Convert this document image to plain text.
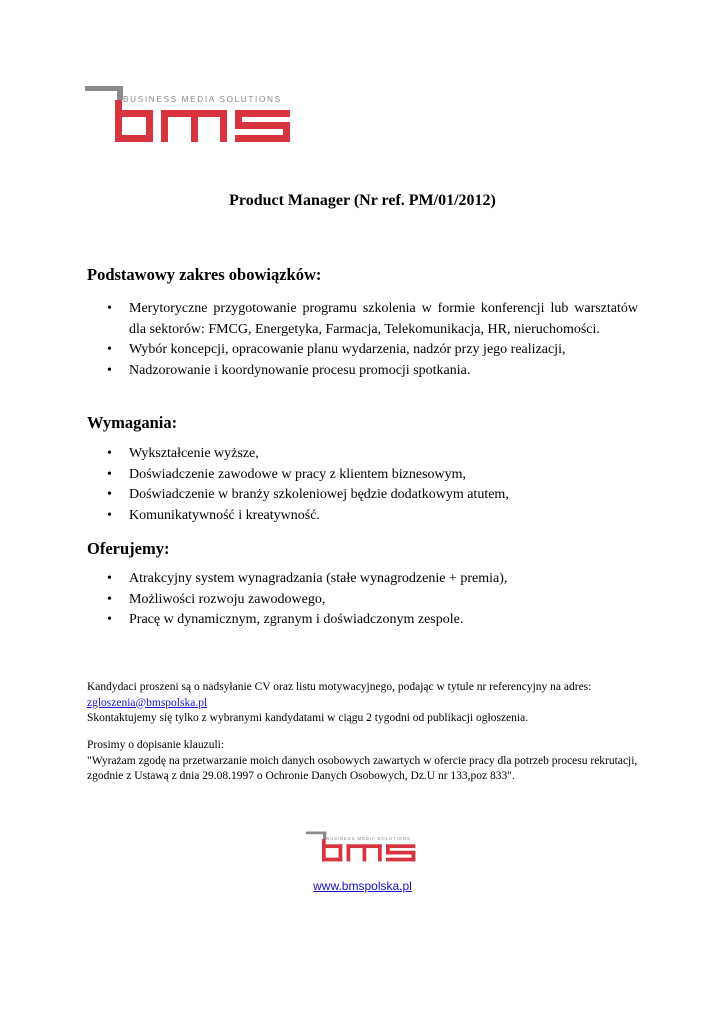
BUSINESS MEDIA SOLUTIONS
Product Manager (Nr ref. PM/01/2012)
Podstawowy zakres obowiązków:
• Merytoryczne przygotowanie programu szkolenia w formie konferencji lub warsztatów dla sektorów: FMCG, Energetyka, Farmacja, Telekomunikacja, HR, nieruchomości.
• Wybór koncepcji, opracowanie planu wydarzenia, nadzór przy jego realizacji,
• Nadzorowanie i koordynowanie procesu promocji spotkania.
Wymagania:
• Wykształcenie wyższe,
• Doświadczenie zawodowe w pracy z klientem biznesowym,
• Doświadczenie w branży szkoleniowej będzie dodatkowym atutem,
• Komunikatywność i kreatywność.
Oferujemy:
• Atrakcyjny system wynagradzania (stałe wynagrodzenie + premia),
• Możliwości rozwoju zawodowego,
• Pracę w dynamicznym, zgranym i doświadczonym zespole.
Kandydaci proszeni są o nadsyłanie CV oraz listu motywacyjnego, podając w tytule nr referencyjny na adres:
zgloszenia@bmspolska.pl
Skontaktujemy się tylko z wybranymi kandydatami w ciągu 2 tygodni od publikacji ogłoszenia.
Prosimy o dopisanie klauzuli:
"Wyrażam zgodę na przetwarzanie moich danych osobowych zawartych w ofercie pracy dla potrzeb procesu rekrutacji, zgodnie z Ustawą z dnia 29.08.1997 o Ochronie Danych Osobowych, Dz.U nr 133,poz 833".
BUSINESS MEDIA SOLUTIONS
www.bmspolska.pl
